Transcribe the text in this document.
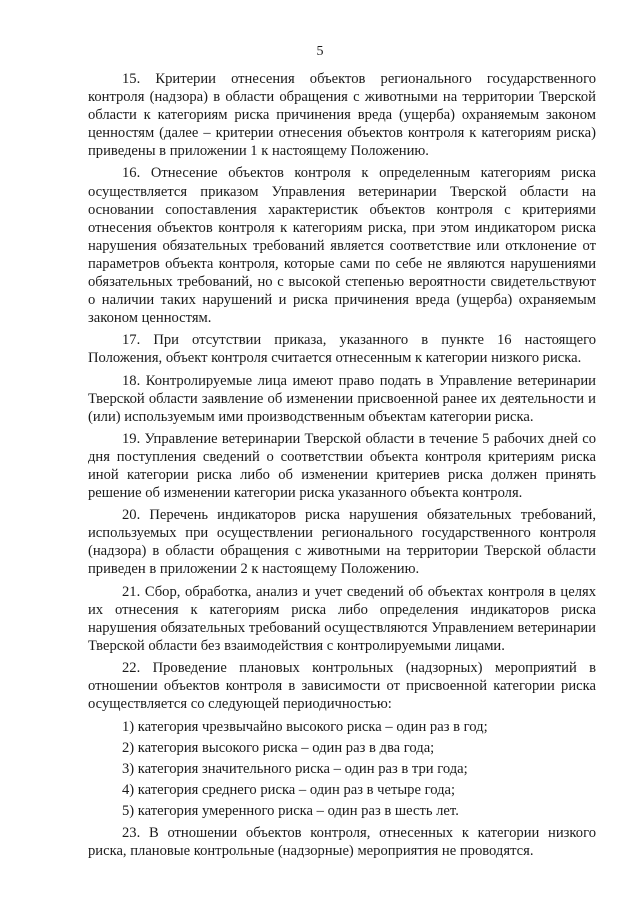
5

15. Критерии отнесения объектов регионального государственного контроля (надзора) в области обращения с животными на территории Тверской области к категориям риска причинения вреда (ущерба) охраняемым законом ценностям (далее – критерии отнесения объектов контроля к категориям риска) приведены в приложении 1 к настоящему Положению.

16. Отнесение объектов контроля к определенным категориям риска осуществляется приказом Управления ветеринарии Тверской области на основании сопоставления характеристик объектов контроля с критериями отнесения объектов контроля к категориям риска, при этом индикатором риска нарушения обязательных требований является соответствие или отклонение от параметров объекта контроля, которые сами по себе не являются нарушениями обязательных требований, но с высокой степенью вероятности свидетельствуют о наличии таких нарушений и риска причинения вреда (ущерба) охраняемым законом ценностям.

17. При отсутствии приказа, указанного в пункте 16 настоящего Положения, объект контроля считается отнесенным к категории низкого риска.

18. Контролируемые лица имеют право подать в Управление ветеринарии Тверской области заявление об изменении присвоенной ранее их деятельности и (или) используемым ими производственным объектам категории риска.

19. Управление ветеринарии Тверской области в течение 5 рабочих дней со дня поступления сведений о соответствии объекта контроля критериям риска иной категории риска либо об изменении критериев риска должен принять решение об изменении категории риска указанного объекта контроля.

20. Перечень индикаторов риска нарушения обязательных требований, используемых при осуществлении регионального государственного контроля (надзора) в области обращения с животными на территории Тверской области приведен в приложении 2 к настоящему Положению.

21. Сбор, обработка, анализ и учет сведений об объектах контроля в целях их отнесения к категориям риска либо определения индикаторов риска нарушения обязательных требований осуществляются Управлением ветеринарии Тверской области без взаимодействия с контролируемыми лицами.

22. Проведение плановых контрольных (надзорных) мероприятий в отношении объектов контроля в зависимости от присвоенной категории риска осуществляется со следующей периодичностью:

1) категория чрезвычайно высокого риска – один раз в год;

2) категория высокого риска – один раз в два года;

3) категория значительного риска – один раз в три года;

4) категория среднего риска – один раз в четыре года;

5) категория умеренного риска – один раз в шесть лет.

23. В отношении объектов контроля, отнесенных к категории низкого риска, плановые контрольные (надзорные) мероприятия не проводятся.
